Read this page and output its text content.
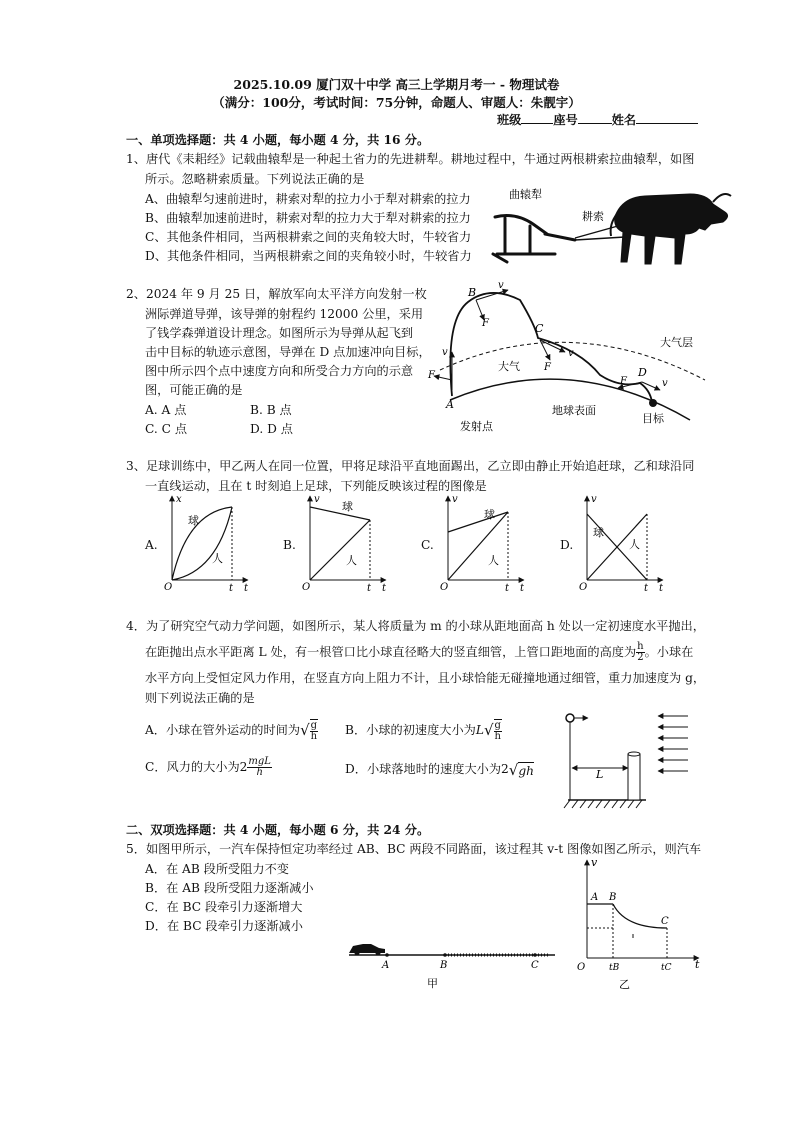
2025.10.09 厦门双十中学 高三上学期月考一 - 物理试卷
（满分：100分，考试时间：75分钟，命题人、审题人：朱靓宇）
班级	座号	姓名
一、单项选择题：共 4 小题，每小题 4 分，共 16 分。
1、唐代《耒耜经》记载曲辕犁是一种起土省力的先进耕犁。耕地过程中，牛通过两根耕索拉曲辕犁，如图
所示。忽略耕索质量。下列说法正确的是
A、曲辕犁匀速前进时，耕索对犁的拉力小于犁对耕索的拉力
B、曲辕犁加速前进时，耕索对犁的拉力大于犁对耕索的拉力
C、其他条件相同，当两根耕索之间的夹角较大时，牛较省力
D、其他条件相同，当两根耕索之间的夹角较小时，牛较省力
曲辕犁
耕索
2、2024 年 9 月 25 日，解放军向太平洋方向发射一枚
洲际弹道导弹，该导弹的射程约 12000 公里，采用
了钱学森弹道设计理念。如图所示为导弹从起飞到
击中目标的轨迹示意图，导弹在 D 点加速冲向目标，
图中所示四个点中速度方向和所受合力方向的示意
图，可能正确的是
A. A 点	B. B 点
C. C 点	D. D 点
A
B
C
D
v
F
v
F
v
F
v
F
大气层
大气
地球表面
目标
发射点
3、足球训练中，甲乙两人在同一位置，甲将足球沿平直地面踢出，乙立即由静止开始追赶球，乙和球沿同
一直线运动，且在 t 时刻追上足球，下列能反映该过程的图像是
A.	B.	C.	D.
x
O	t t
球
人
v
O	t t
球
人
v
O	t t
球
人
v
O	t t
球
人
4．为了研究空气动力学问题，如图所示，某人将质量为 m 的小球从距地面高 h 处以一定初速度水平抛出，
在距抛出点水平距离 L 处，有一根管口比小球直径略大的竖直细管，上管口距地面的高度为 $\frac{h}{2}$ 。小球在
水平方向上受恒定风力作用，在竖直方向上阻力不计，且小球恰能无碰撞地通过细管，重力加速度为 g，
则下列说法正确的是
A．小球在管外运动的时间为√ $\frac{g}{h}$ B．小球的初速度大小为$L√ \frac{g}{h}$
C．风力的大小为$2 \frac{\text{mgL}}{h}$	D．小球落地时的速度大小为2√gh	L
二、双项选择题：共 4 小题，每小题 6 分，共 24 分。
5．如图甲所示，一汽车保持恒定功率经过 AB、BC 两段不同路面，该过程其 v-t 图像如图乙所示，则汽车
A．在 AB 段所受阻力不变
B．在 AB 段所受阻力逐渐减小
C．在 BC 段牵引力逐渐增大
D．在 BC 段牵引力逐渐减小
A	B	C
甲
v
t
O
A B
C
tB	tC
乙
